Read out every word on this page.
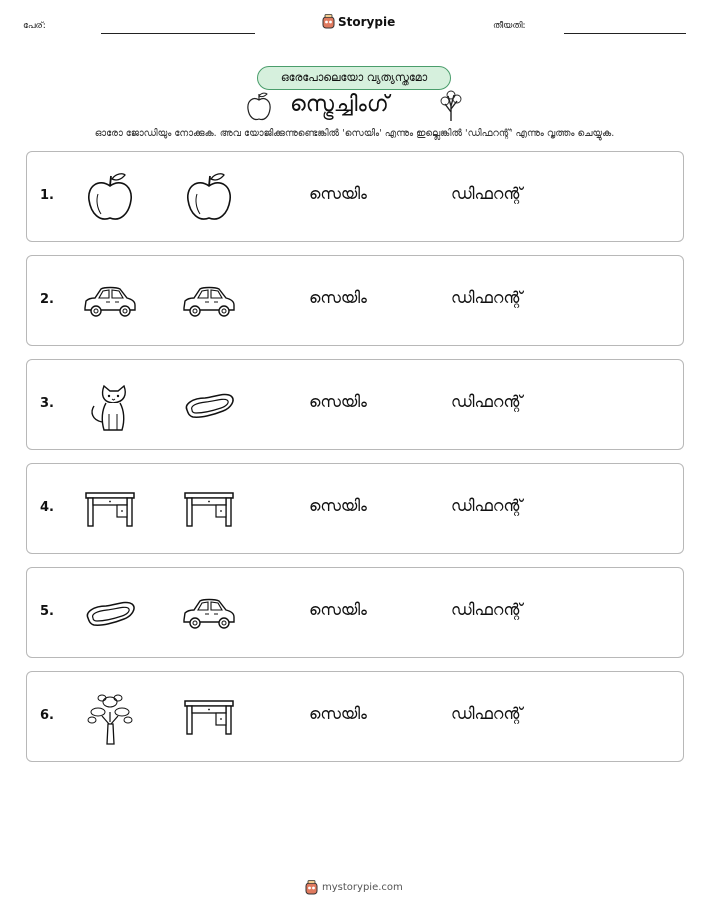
പേര്:	Storypie	തീയതി:
ഒരേപോലെയോ വ്യത്യസ്തമോ
സ്ട്രെച്ചിംഗ്
ഓരോ ജോഡിയും നോക്കുക. അവ യോജിക്കുന്നുണ്ടെങ്കിൽ 'സെയിം' എന്നും ഇല്ലെങ്കിൽ 'ഡിഫറന്റ്' എന്നും വൃത്തം ചെയ്യുക.
1.	സെയിം	ഡിഫറന്റ്
2.	സെയിം	ഡിഫറന്റ്
3.	സെയിം	ഡിഫറന്റ്
4.	സെയിം	ഡിഫറന്റ്
5.	സെയിം	ഡിഫറന്റ്
6.	സെയിം	ഡിഫറന്റ്
mystorypie.com
